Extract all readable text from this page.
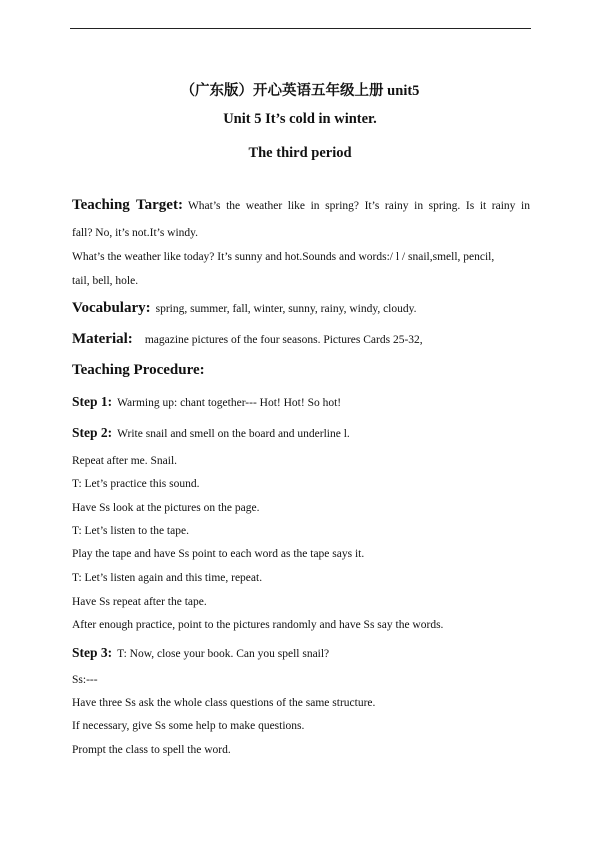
（广东版）开心英语五年级上册 unit5
Unit 5 It’s cold in winter.
The third period
Teaching Target: What’s the weather like in spring? It’s rainy in spring. Is it rainy in
fall? No, it’s not.It’s windy.
What’s the weather like today? It’s sunny and hot.Sounds and words:/ l / snail,smell, pencil,
tail, bell, hole.
Vocabulary: spring, summer, fall, winter, sunny, rainy, windy, cloudy.
Material: magazine pictures of the four seasons. Pictures Cards 25-32,
Teaching Procedure:
Step 1: Warming up: chant together--- Hot! Hot! So hot!
Step 2: Write snail and smell on the board and underline l.
Repeat after me. Snail.
T: Let’s practice this sound.
Have Ss look at the pictures on the page.
T: Let’s listen to the tape.
Play the tape and have Ss point to each word as the tape says it.
T: Let’s listen again and this time, repeat.
Have Ss repeat after the tape.
After enough practice, point to the pictures randomly and have Ss say the words.
Step 3: T: Now, close your book. Can you spell snail?
Ss:---
Have three Ss ask the whole class questions of the same structure.
If necessary, give Ss some help to make questions.
Prompt the class to spell the word.
